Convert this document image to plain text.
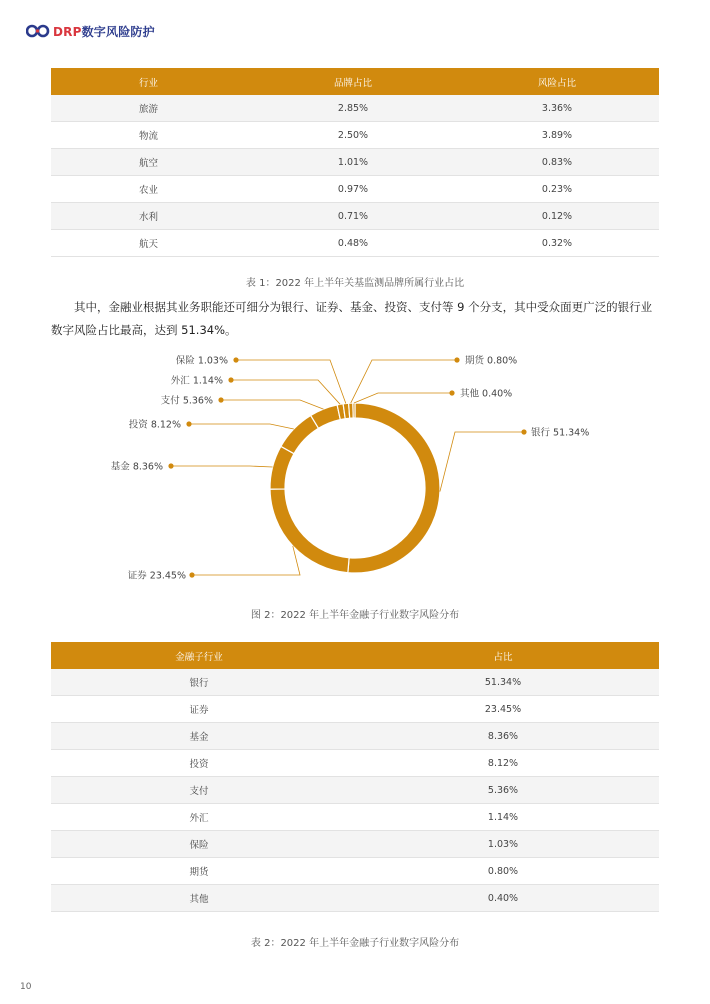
DRP数字风险防护
行业	品牌占比	风险占比
旅游	2.85%	3.36%
物流	2.50%	3.89%
航空	1.01%	0.83%
农业	0.97%	0.23%
水利	0.71%	0.12%
航天	0.48%	0.32%
表 1：2022 年上半年关基监测品牌所属行业占比
其中，金融业根据其业务职能还可细分为银行、证券、基金、投资、支付等 9 个分支，其中受众面更广泛的银行业数字风险占比最高，达到 51.34%。
银行 51.34%
证券 23.45%
基金 8.36%
投资 8.12%
支付 5.36%
外汇 1.14%
保险 1.03%	期货 0.80%
其他 0.40%
图 2：2022 年上半年金融子行业数字风险分布
金融子行业	占比
银行	51.34%
证券	23.45%
基金	8.36%
投资	8.12%
支付	5.36%
外汇	1.14%
保险	1.03%
期货	0.80%
其他	0.40%
表 2：2022 年上半年金融子行业数字风险分布
10
